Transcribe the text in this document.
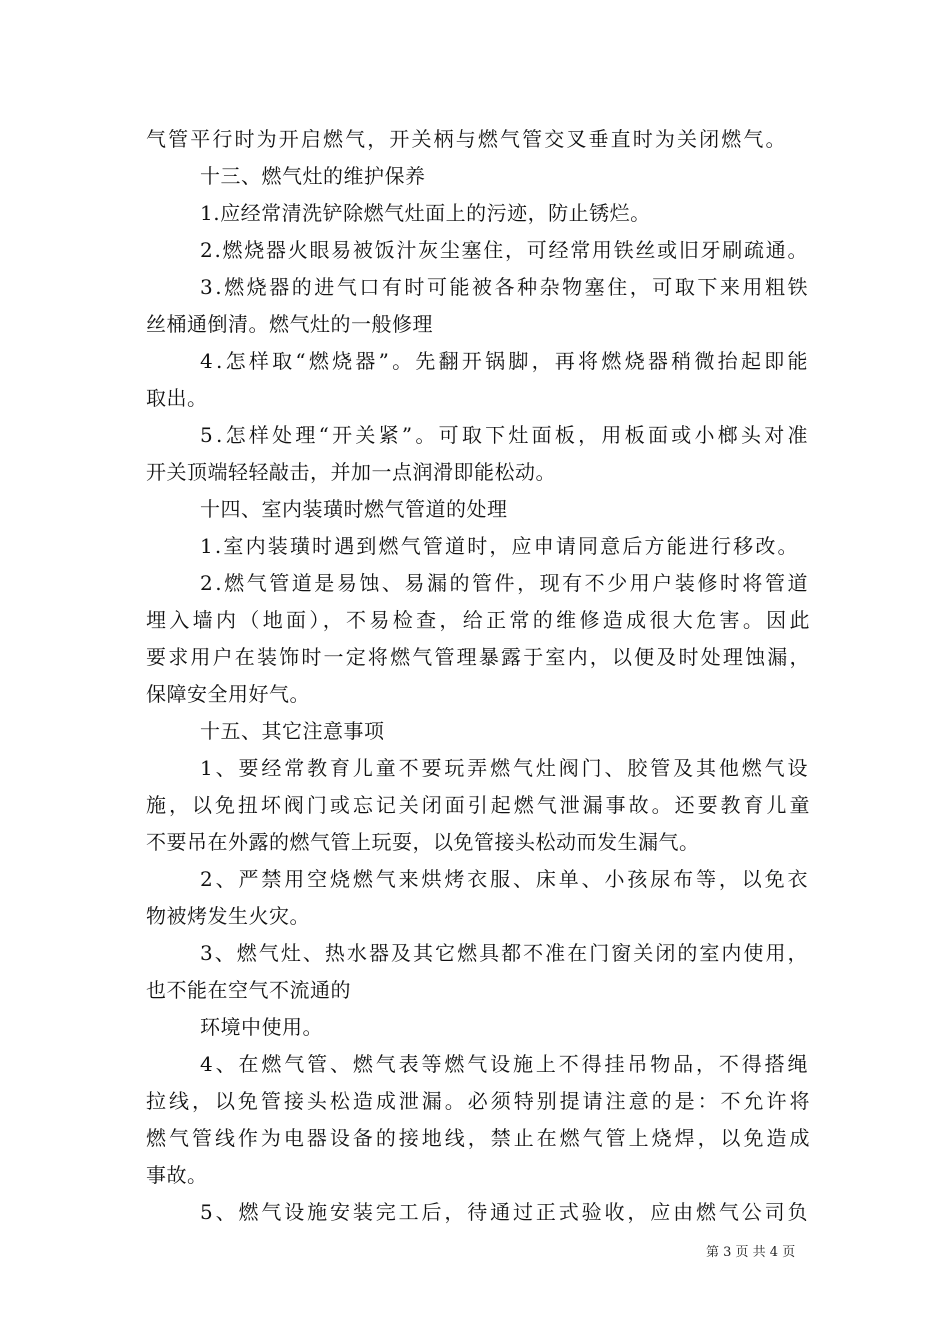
气管平行时为开启燃气，开关柄与燃气管交叉垂直时为关闭燃气。

十三、燃气灶的维护保养

1.应经常清洗铲除燃气灶面上的污迹，防止锈烂。

2.燃烧器火眼易被饭汁灰尘塞住，可经常用铁丝或旧牙刷疏通。

3.燃烧器的进气口有时可能被各种杂物塞住，可取下来用粗铁

丝桶通倒清。燃气灶的一般修理

4.怎样取“燃烧器”。先翻开锅脚，再将燃烧器稍微抬起即能

取出。

5.怎样处理“开关紧”。可取下灶面板，用板面或小榔头对准

开关顶端轻轻敲击，并加一点润滑即能松动。

十四、室内装璜时燃气管道的处理

1.室内装璜时遇到燃气管道时，应申请同意后方能进行移改。

2.燃气管道是易蚀、易漏的管件，现有不少用户装修时将管道

埋入墙内（地面），不易检查，给正常的维修造成很大危害。因此

要求用户在装饰时一定将燃气管理暴露于室内，以便及时处理蚀漏，

保障安全用好气。

十五、其它注意事项

1、要经常教育儿童不要玩弄燃气灶阀门、胶管及其他燃气设

施，以免扭坏阀门或忘记关闭面引起燃气泄漏事故。还要教育儿童

不要吊在外露的燃气管上玩耍，以免管接头松动而发生漏气。

2、严禁用空烧燃气来烘烤衣服、床单、小孩尿布等，以免衣

物被烤发生火灾。

3、燃气灶、热水器及其它燃具都不准在门窗关闭的室内使用，

也不能在空气不流通的

环境中使用。

4、在燃气管、燃气表等燃气设施上不得挂吊物品，不得搭绳

拉线，以免管接头松造成泄漏。必须特别提请注意的是：不允许将

燃气管线作为电器设备的接地线，禁止在燃气管上烧焊，以免造成

事故。

5、燃气设施安装完工后，待通过正式验收，应由燃气公司负

第 3 页 共 4 页
